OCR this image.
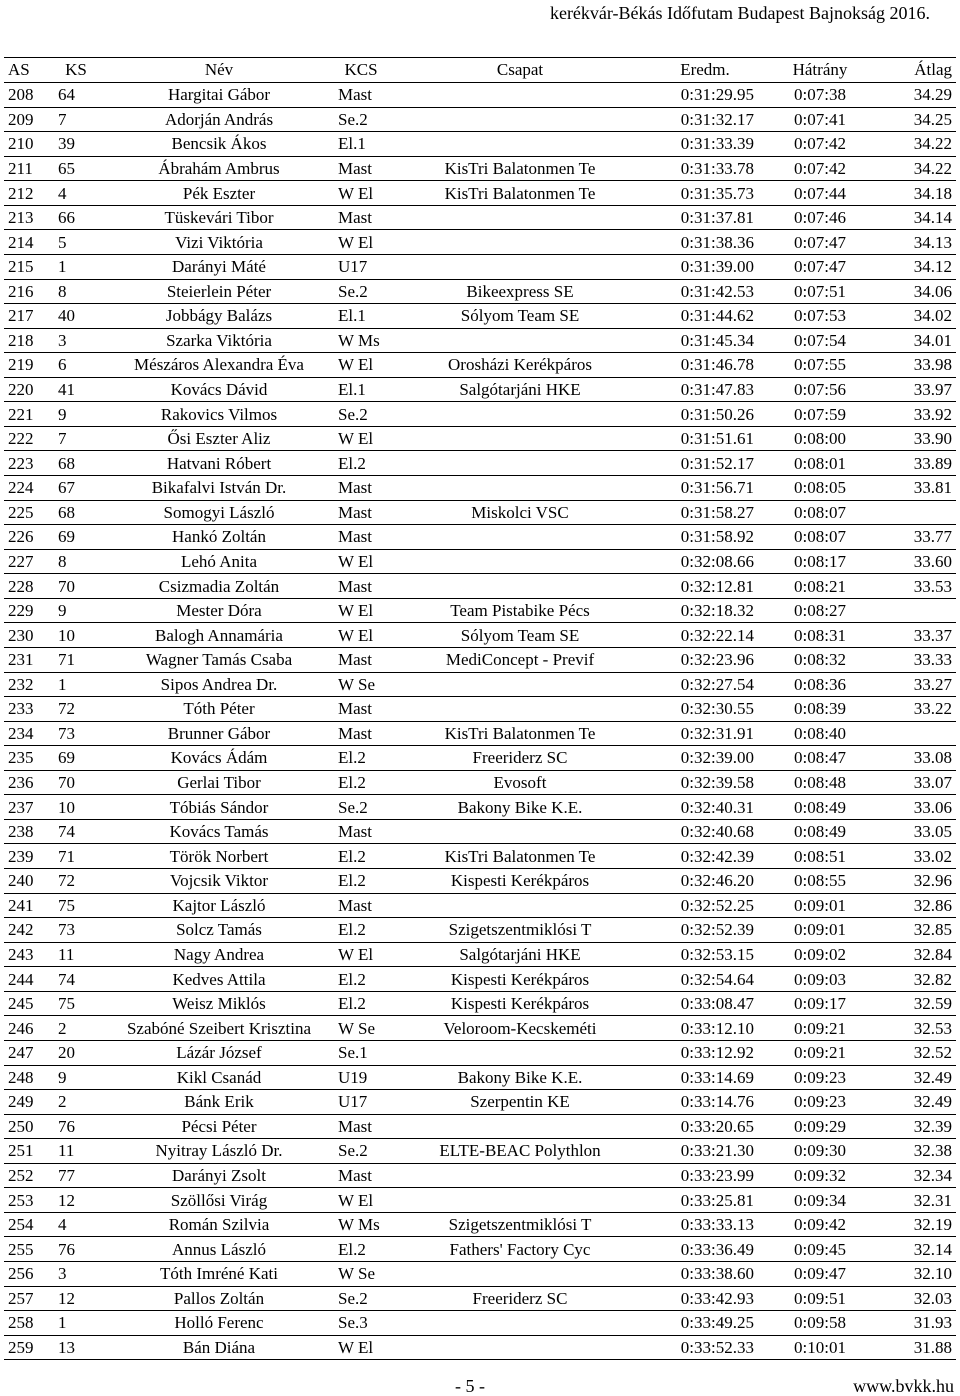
kerékvár-Békás Időfutam Budapest Bajnokság 2016.
AS	KS	Név	KCS	Csapat	Eredm.	Hátrány	Átlag
208	64	Hargitai Gábor	Mast		0:31:29.95	0:07:38	34.29
209	7	Adorján András	Se.2		0:31:32.17	0:07:41	34.25
210	39	Bencsik Ákos	El.1		0:31:33.39	0:07:42	34.22
211	65	Ábrahám Ambrus	Mast	KisTri Balatonmen Te	0:31:33.78	0:07:42	34.22
212	4	Pék Eszter	W El	KisTri Balatonmen Te	0:31:35.73	0:07:44	34.18
213	66	Tüskevári Tibor	Mast		0:31:37.81	0:07:46	34.14
214	5	Vizi Viktória	W El		0:31:38.36	0:07:47	34.13
215	1	Darányi Máté	U17		0:31:39.00	0:07:47	34.12
216	8	Steierlein Péter	Se.2	Bikeexpress SE	0:31:42.53	0:07:51	34.06
217	40	Jobbágy Balázs	El.1	Sólyom Team SE	0:31:44.62	0:07:53	34.02
218	3	Szarka Viktória	W Ms		0:31:45.34	0:07:54	34.01
219	6	Mészáros Alexandra Éva	W El	Orosházi Kerékpáros	0:31:46.78	0:07:55	33.98
220	41	Kovács Dávid	El.1	Salgótarjáni HKE	0:31:47.83	0:07:56	33.97
221	9	Rakovics Vilmos	Se.2		0:31:50.26	0:07:59	33.92
222	7	Ősi Eszter Aliz	W El		0:31:51.61	0:08:00	33.90
223	68	Hatvani Róbert	El.2		0:31:52.17	0:08:01	33.89
224	67	Bikafalvi István Dr.	Mast		0:31:56.71	0:08:05	33.81
225	68	Somogyi László	Mast	Miskolci VSC	0:31:58.27	0:08:07	
226	69	Hankó Zoltán	Mast		0:31:58.92	0:08:07	33.77
227	8	Lehó Anita	W El		0:32:08.66	0:08:17	33.60
228	70	Csizmadia Zoltán	Mast		0:32:12.81	0:08:21	33.53
229	9	Mester Dóra	W El	Team Pistabike Pécs	0:32:18.32	0:08:27	
230	10	Balogh Annamária	W El	Sólyom Team SE	0:32:22.14	0:08:31	33.37
231	71	Wagner Tamás Csaba	Mast	MediConcept - Previf	0:32:23.96	0:08:32	33.33
232	1	Sipos Andrea Dr.	W Se		0:32:27.54	0:08:36	33.27
233	72	Tóth Péter	Mast		0:32:30.55	0:08:39	33.22
234	73	Brunner Gábor	Mast	KisTri Balatonmen Te	0:32:31.91	0:08:40	
235	69	Kovács Ádám	El.2	Freeriderz SC	0:32:39.00	0:08:47	33.08
236	70	Gerlai Tibor	El.2	Evosoft	0:32:39.58	0:08:48	33.07
237	10	Tóbiás Sándor	Se.2	Bakony Bike K.E.	0:32:40.31	0:08:49	33.06
238	74	Kovács Tamás	Mast		0:32:40.68	0:08:49	33.05
239	71	Török Norbert	El.2	KisTri Balatonmen Te	0:32:42.39	0:08:51	33.02
240	72	Vojcsik Viktor	El.2	Kispesti Kerékpáros	0:32:46.20	0:08:55	32.96
241	75	Kajtor László	Mast		0:32:52.25	0:09:01	32.86
242	73	Solcz Tamás	El.2	Szigetszentmiklósi T	0:32:52.39	0:09:01	32.85
243	11	Nagy Andrea	W El	Salgótarjáni HKE	0:32:53.15	0:09:02	32.84
244	74	Kedves Attila	El.2	Kispesti Kerékpáros	0:32:54.64	0:09:03	32.82
245	75	Weisz Miklós	El.2	Kispesti Kerékpáros	0:33:08.47	0:09:17	32.59
246	2	Szabóné Szeibert Krisztina	W Se	Veloroom-Kecskeméti	0:33:12.10	0:09:21	32.53
247	20	Lázár József	Se.1		0:33:12.92	0:09:21	32.52
248	9	Kikl Csanád	U19	Bakony Bike K.E.	0:33:14.69	0:09:23	32.49
249	2	Bánk Erik	U17	Szerpentin KE	0:33:14.76	0:09:23	32.49
250	76	Pécsi Péter	Mast		0:33:20.65	0:09:29	32.39
251	11	Nyitray László Dr.	Se.2	ELTE-BEAC Polythlon	0:33:21.30	0:09:30	32.38
252	77	Darányi Zsolt	Mast		0:33:23.99	0:09:32	32.34
253	12	Szöllősi Virág	W El		0:33:25.81	0:09:34	32.31
254	4	Román Szilvia	W Ms	Szigetszentmiklósi T	0:33:33.13	0:09:42	32.19
255	76	Annus László	El.2	Fathers' Factory Cyc	0:33:36.49	0:09:45	32.14
256	3	Tóth Imréné Kati	W Se		0:33:38.60	0:09:47	32.10
257	12	Pallos Zoltán	Se.2	Freeriderz SC	0:33:42.93	0:09:51	32.03
258	1	Holló Ferenc	Se.3		0:33:49.25	0:09:58	31.93
259	13	Bán Diána	W El		0:33:52.33	0:10:01	31.88
- 5 -	www.bvkk.hu
